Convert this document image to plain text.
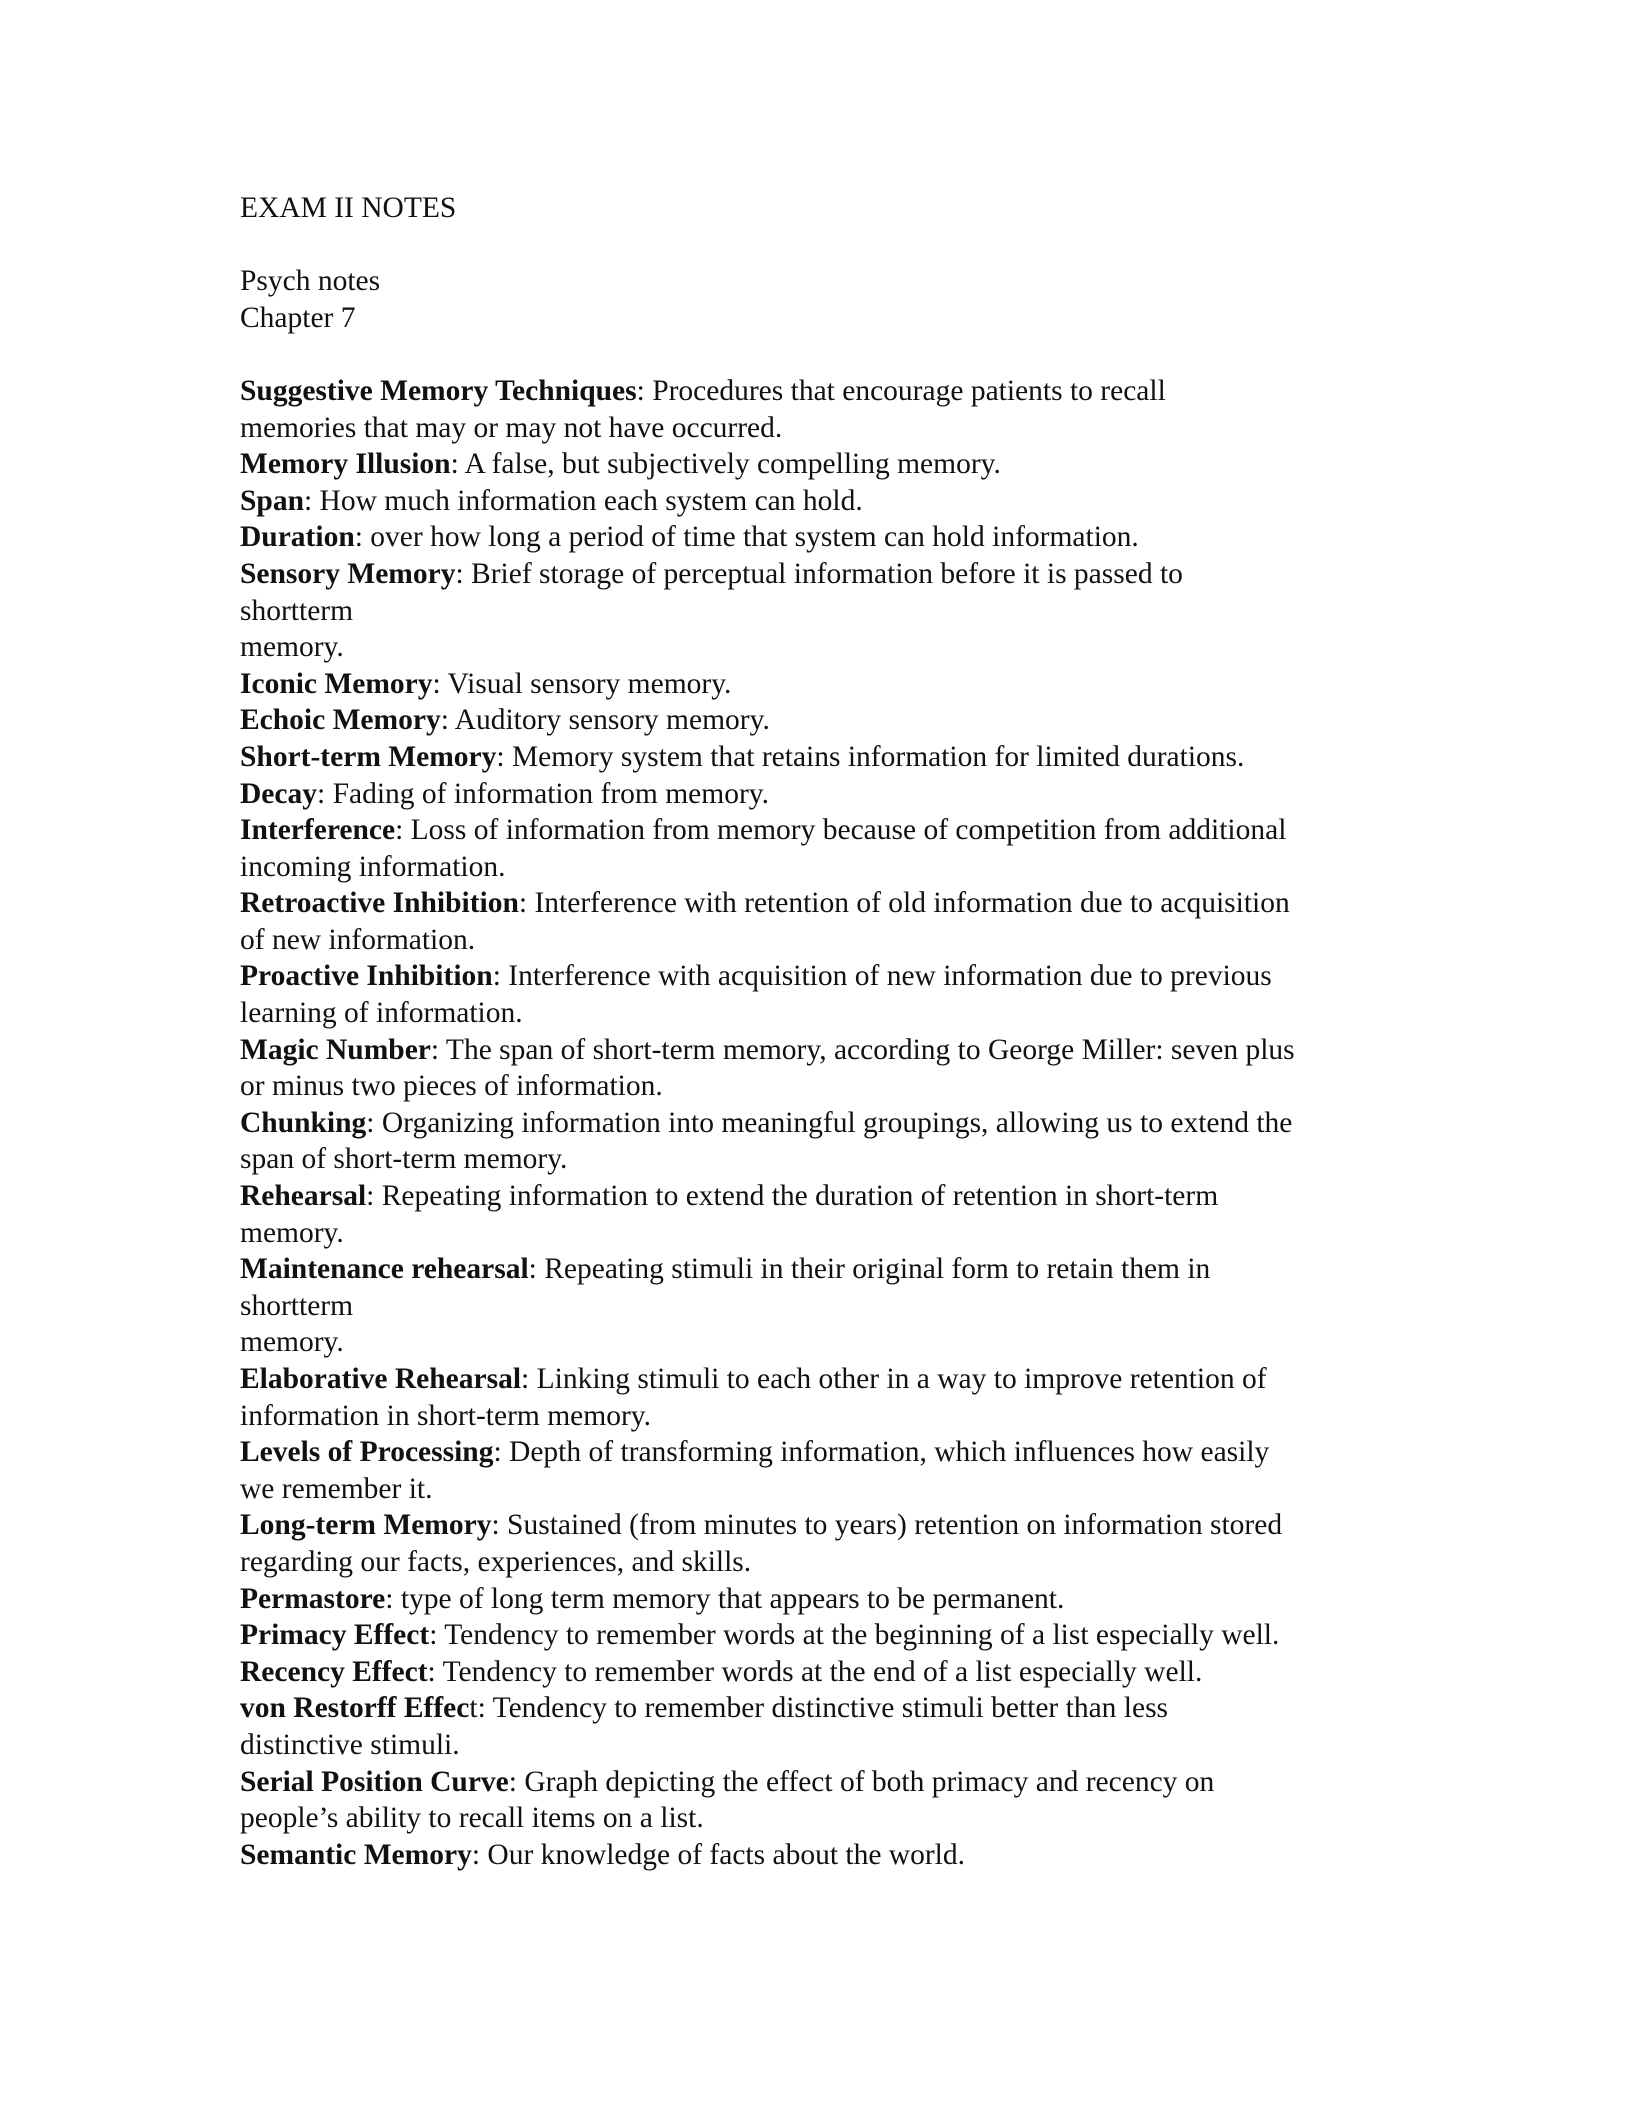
EXAM II NOTES

Psych notes

Chapter 7

Suggestive Memory Techniques: Procedures that encourage patients to recall

memories that may or may not have occurred.

Memory Illusion: A false, but subjectively compelling memory.

Span: How much information each system can hold.

Duration: over how long a period of time that system can hold information.

Sensory Memory: Brief storage of perceptual information before it is passed to

shortterm

memory.

Iconic Memory: Visual sensory memory.

Echoic Memory: Auditory sensory memory.

Short-term Memory: Memory system that retains information for limited durations.

Decay: Fading of information from memory.

Interference: Loss of information from memory because of competition from additional

incoming information.

Retroactive Inhibition: Interference with retention of old information due to acquisition

of new information.

Proactive Inhibition: Interference with acquisition of new information due to previous

learning of information.

Magic Number: The span of short-term memory, according to George Miller: seven plus

or minus two pieces of information.

Chunking: Organizing information into meaningful groupings, allowing us to extend the

span of short-term memory.

Rehearsal: Repeating information to extend the duration of retention in short-term

memory.

Maintenance rehearsal: Repeating stimuli in their original form to retain them in

shortterm

memory.

Elaborative Rehearsal: Linking stimuli to each other in a way to improve retention of

information in short-term memory.

Levels of Processing: Depth of transforming information, which influences how easily

we remember it.

Long-term Memory: Sustained (from minutes to years) retention on information stored

regarding our facts, experiences, and skills.

Permastore: type of long term memory that appears to be permanent.

Primacy Effect: Tendency to remember words at the beginning of a list especially well.

Recency Effect: Tendency to remember words at the end of a list especially well.

von Restorff Effect: Tendency to remember distinctive stimuli better than less

distinctive stimuli.

Serial Position Curve: Graph depicting the effect of both primacy and recency on

people’s ability to recall items on a list.

Semantic Memory: Our knowledge of facts about the world.
